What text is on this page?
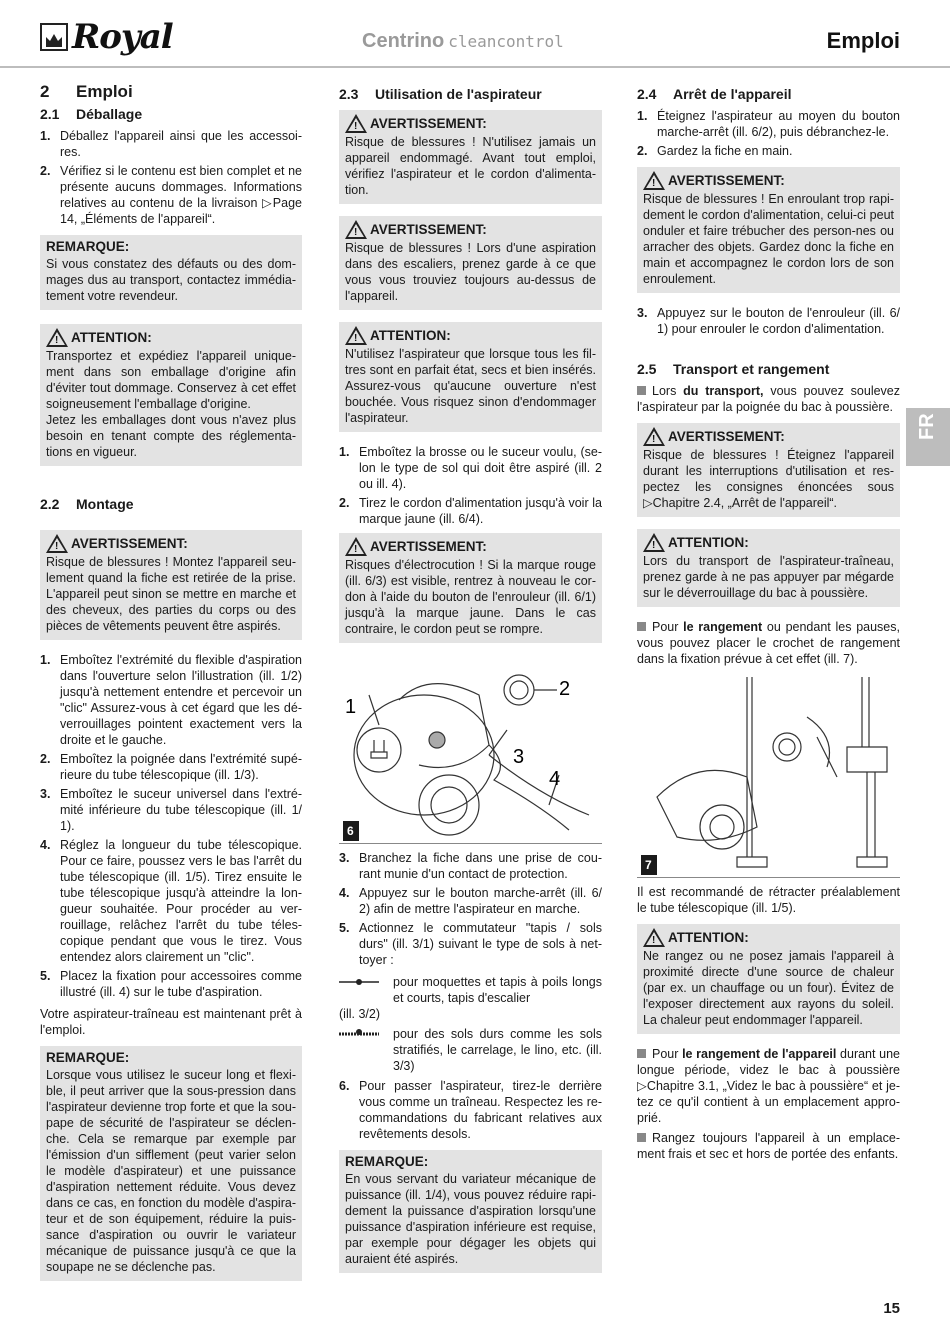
Royal	Centrino cleancontrol	Emploi
FR
2	Emploi
2.1	Déballage
1. Déballez l'appareil ainsi que les accessoi-res.
2. Vérifiez si le contenu est bien complet et ne présente aucuns dommages. Informations relatives au contenu de la livraison ▷Page 14, „Éléments de l'appareil“.
REMARQUE:

Si vous constatez des défauts ou des dom-mages dus au transport, contactez immédia-tement votre revendeur.

! ATTENTION:

Transportez et expédiez l'appareil unique-ment dans son emballage d'origine afin d'éviter tout dommage. Conservez à cet effet soigneusement l'emballage d'origine.

Jetez les emballages dont vous n'avez plus besoin en tenant compte des réglementa-tions en vigueur.

2.2	Montage
! AVERTISSEMENT:

Risque de blessures ! Montez l'appareil seu-lement quand la fiche est retirée de la prise. L'appareil peut sinon se mettre en marche et des cheveux, des parties du corps ou des pièces de vêtements peuvent être aspirés.

1. Emboîtez l'extrémité du flexible d'aspiration dans l'ouverture selon l'illustration (ill. 1/2) jusqu'à nettement entendre et percevoir un "clic" Assurez-vous à cet égard que les dé-verrouillages pointent exactement vers la droite et le gauche.
2. Emboîtez la poignée dans l'extrémité supé-rieure du tube télescopique (ill. 1/3).
3. Emboîtez le suceur universel dans l'extré-mité inférieure du tube télescopique (ill. 1/ 1).
4. Réglez la longueur du tube télescopique. Pour ce faire, poussez vers le bas l'arrêt du tube télescopique (ill. 1/5). Tirez ensuite le tube télescopique jusqu'à atteindre la lon-gueur souhaitée. Pour procéder au ver-rouillage, relâchez l'arrêt du tube téles-copique pendant que vous le tirez. Vous entendez alors clairement un "clic".
5. Placez la fixation pour accessoires comme illustré (ill. 4) sur le tube d'aspiration.

Votre aspirateur-traîneau est maintenant prêt à l'emploi.

REMARQUE:

Lorsque vous utilisez le suceur long et flexi-ble, il peut arriver que la sous-pression dans l'aspirateur devienne trop forte et que la sou-pape de sécurité de l'aspirateur se déclen-che. Cela se remarque par exemple par l'émission d'un sifflement (peut varier selon le modèle d'aspirateur) et une puissance d'aspiration nettement réduite. Vous devez dans ce cas, en fonction du modèle d'aspira-teur et de son équipement, réduire la puis-sance d'aspiration ou ouvrir le variateur mécanique de puissance jusqu'à ce que la soupape ne se déclenche pas.

2.3	Utilisation de l'aspirateur
! AVERTISSEMENT:

Risque de blessures ! N'utilisez jamais un appareil endommagé. Avant tout emploi, vérifiez l'aspirateur et le cordon d'alimenta-tion.

! AVERTISSEMENT:

Risque de blessures ! Lors d'une aspiration dans des escaliers, prenez garde à ce que vous vous trouviez toujours au-dessus de l'appareil.

! ATTENTION:

N'utilisez l'aspirateur que lorsque tous les fil-tres sont en parfait état, secs et bien insérés. Assurez-vous qu'aucune ouverture n'est bouchée. Vous risquez sinon d'endommager l'aspirateur.

1. Emboîtez la brosse ou le suceur voulu, (se-lon le type de sol qui doit être aspiré (ill. 2 ou ill. 4).
2. Tirez le cordon d'alimentation jusqu'à voir la marque jaune (ill. 6/4).
! AVERTISSEMENT:

Risques d'électrocution ! Si la marque rouge (ill. 6/3) est visible, rentrez à nouveau le cor-don à l'aide du bouton de l'enrouleur (ill. 6/1) jusqu'à la marque jaune. Dans le cas contraire, le cordon peut se rompre.

2
1
3
4
6
3. Branchez la fiche dans une prise de cou-rant munie d'un contact de protection.
4. Appuyez sur le bouton marche-arrêt (ill. 6/ 2) afin de mettre l'aspirateur en marche.
5. Actionnez le commutateur "tapis / sols durs" (ill. 3/1) suivant le type de sols à net-toyer :
pour moquettes et tapis à poils longs et courts, tapis d'escalier

(ill. 3/2)

pour des sols durs comme les sols stratifiés, le carrelage, le lino, etc. (ill. 3/3)
6. Pour passer l'aspirateur, tirez-le derrière vous comme un traîneau. Respectez les re-commandations du fabricant relatives aux revêtements desols.
REMARQUE:

En vous servant du variateur mécanique de puissance (ill. 1/4), vous pouvez réduire rapi-dement la puissance d'aspiration lorsqu'une puissance d'aspiration inférieure est requise, par exemple pour dégager les objets qui auraient été aspirés.

2.4	Arrêt de l'appareil
1. Éteignez l'aspirateur au moyen du bouton marche-arrêt (ill. 6/2), puis débranchez-le.
2. Gardez la fiche en main.
! AVERTISSEMENT:

Risque de blessures ! En enroulant trop rapi-dement le cordon d'alimentation, celui-ci peut onduler et faire trébucher des person-nes ou arracher des objets. Gardez donc la fiche en main et accompagnez le cordon lors de son enroulement.

3. Appuyez sur le bouton de l'enrouleur (ill. 6/ 1) pour enrouler le cordon d'alimentation.
2.5	Transport et rangement

Lors du transport, vous pouvez soulevez l'aspirateur par la poignée du bac à poussière.

! AVERTISSEMENT:

Risque de blessures ! Éteignez l'appareil durant les interruptions d'utilisation et res-pectez les consignes énoncées sous ▷Chapitre 2.4, „Arrêt de l'appareil“.

! ATTENTION:

Lors du transport de l'aspirateur-traîneau, prenez garde à ne pas appuyer par mégarde sur le déverrouillage du bac à poussière.

Pour le rangement ou pendant les pauses, vous pouvez placer le crochet de rangement dans la fixation prévue à cet effet (ill. 7).

7

Il est recommandé de rétracter préalablement le tube télescopique (ill. 1/5).

! ATTENTION:

Ne rangez ou ne posez jamais l'appareil à proximité directe d'une source de chaleur (par ex. un chauffage ou un four). Évitez de l'exposer directement aux rayons du soleil. La chaleur peut endommager l'appareil.

Pour le rangement de l'appareil durant une longue période, videz le bac à poussière ▷Chapitre 3.1, „Videz le bac à poussière“ et je-tez ce qu'il contient à un emplacement appro-prié.

Rangez toujours l'appareil à un emplace-ment frais et sec et hors de portée des enfants.

15
